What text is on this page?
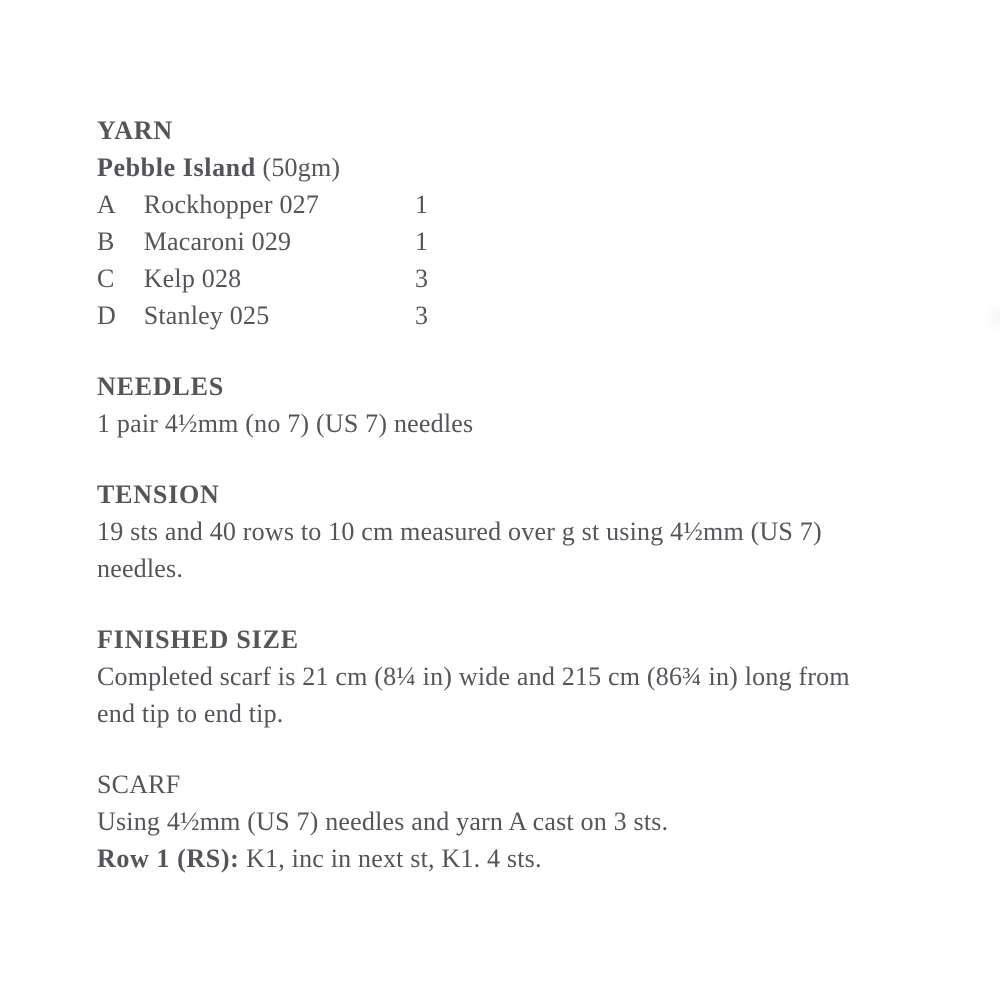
YARN
Pebble Island (50gm)
A Rockhopper 027	1
B Macaroni 029	1
C Kelp 028	3
D Stanley 025	3
NEEDLES
1 pair 4½mm (no 7) (US 7) needles
TENSION
19 sts and 40 rows to 10 cm measured over g st using 4½mm (US 7)
needles.
FINISHED SIZE
Completed scarf is 21 cm (8¼ in) wide and 215 cm (86¾ in) long from
end tip to end tip.
SCARF
Using 4½mm (US 7) needles and yarn A cast on 3 sts.
Row 1 (RS): K1, inc in next st, K1. 4 sts.
